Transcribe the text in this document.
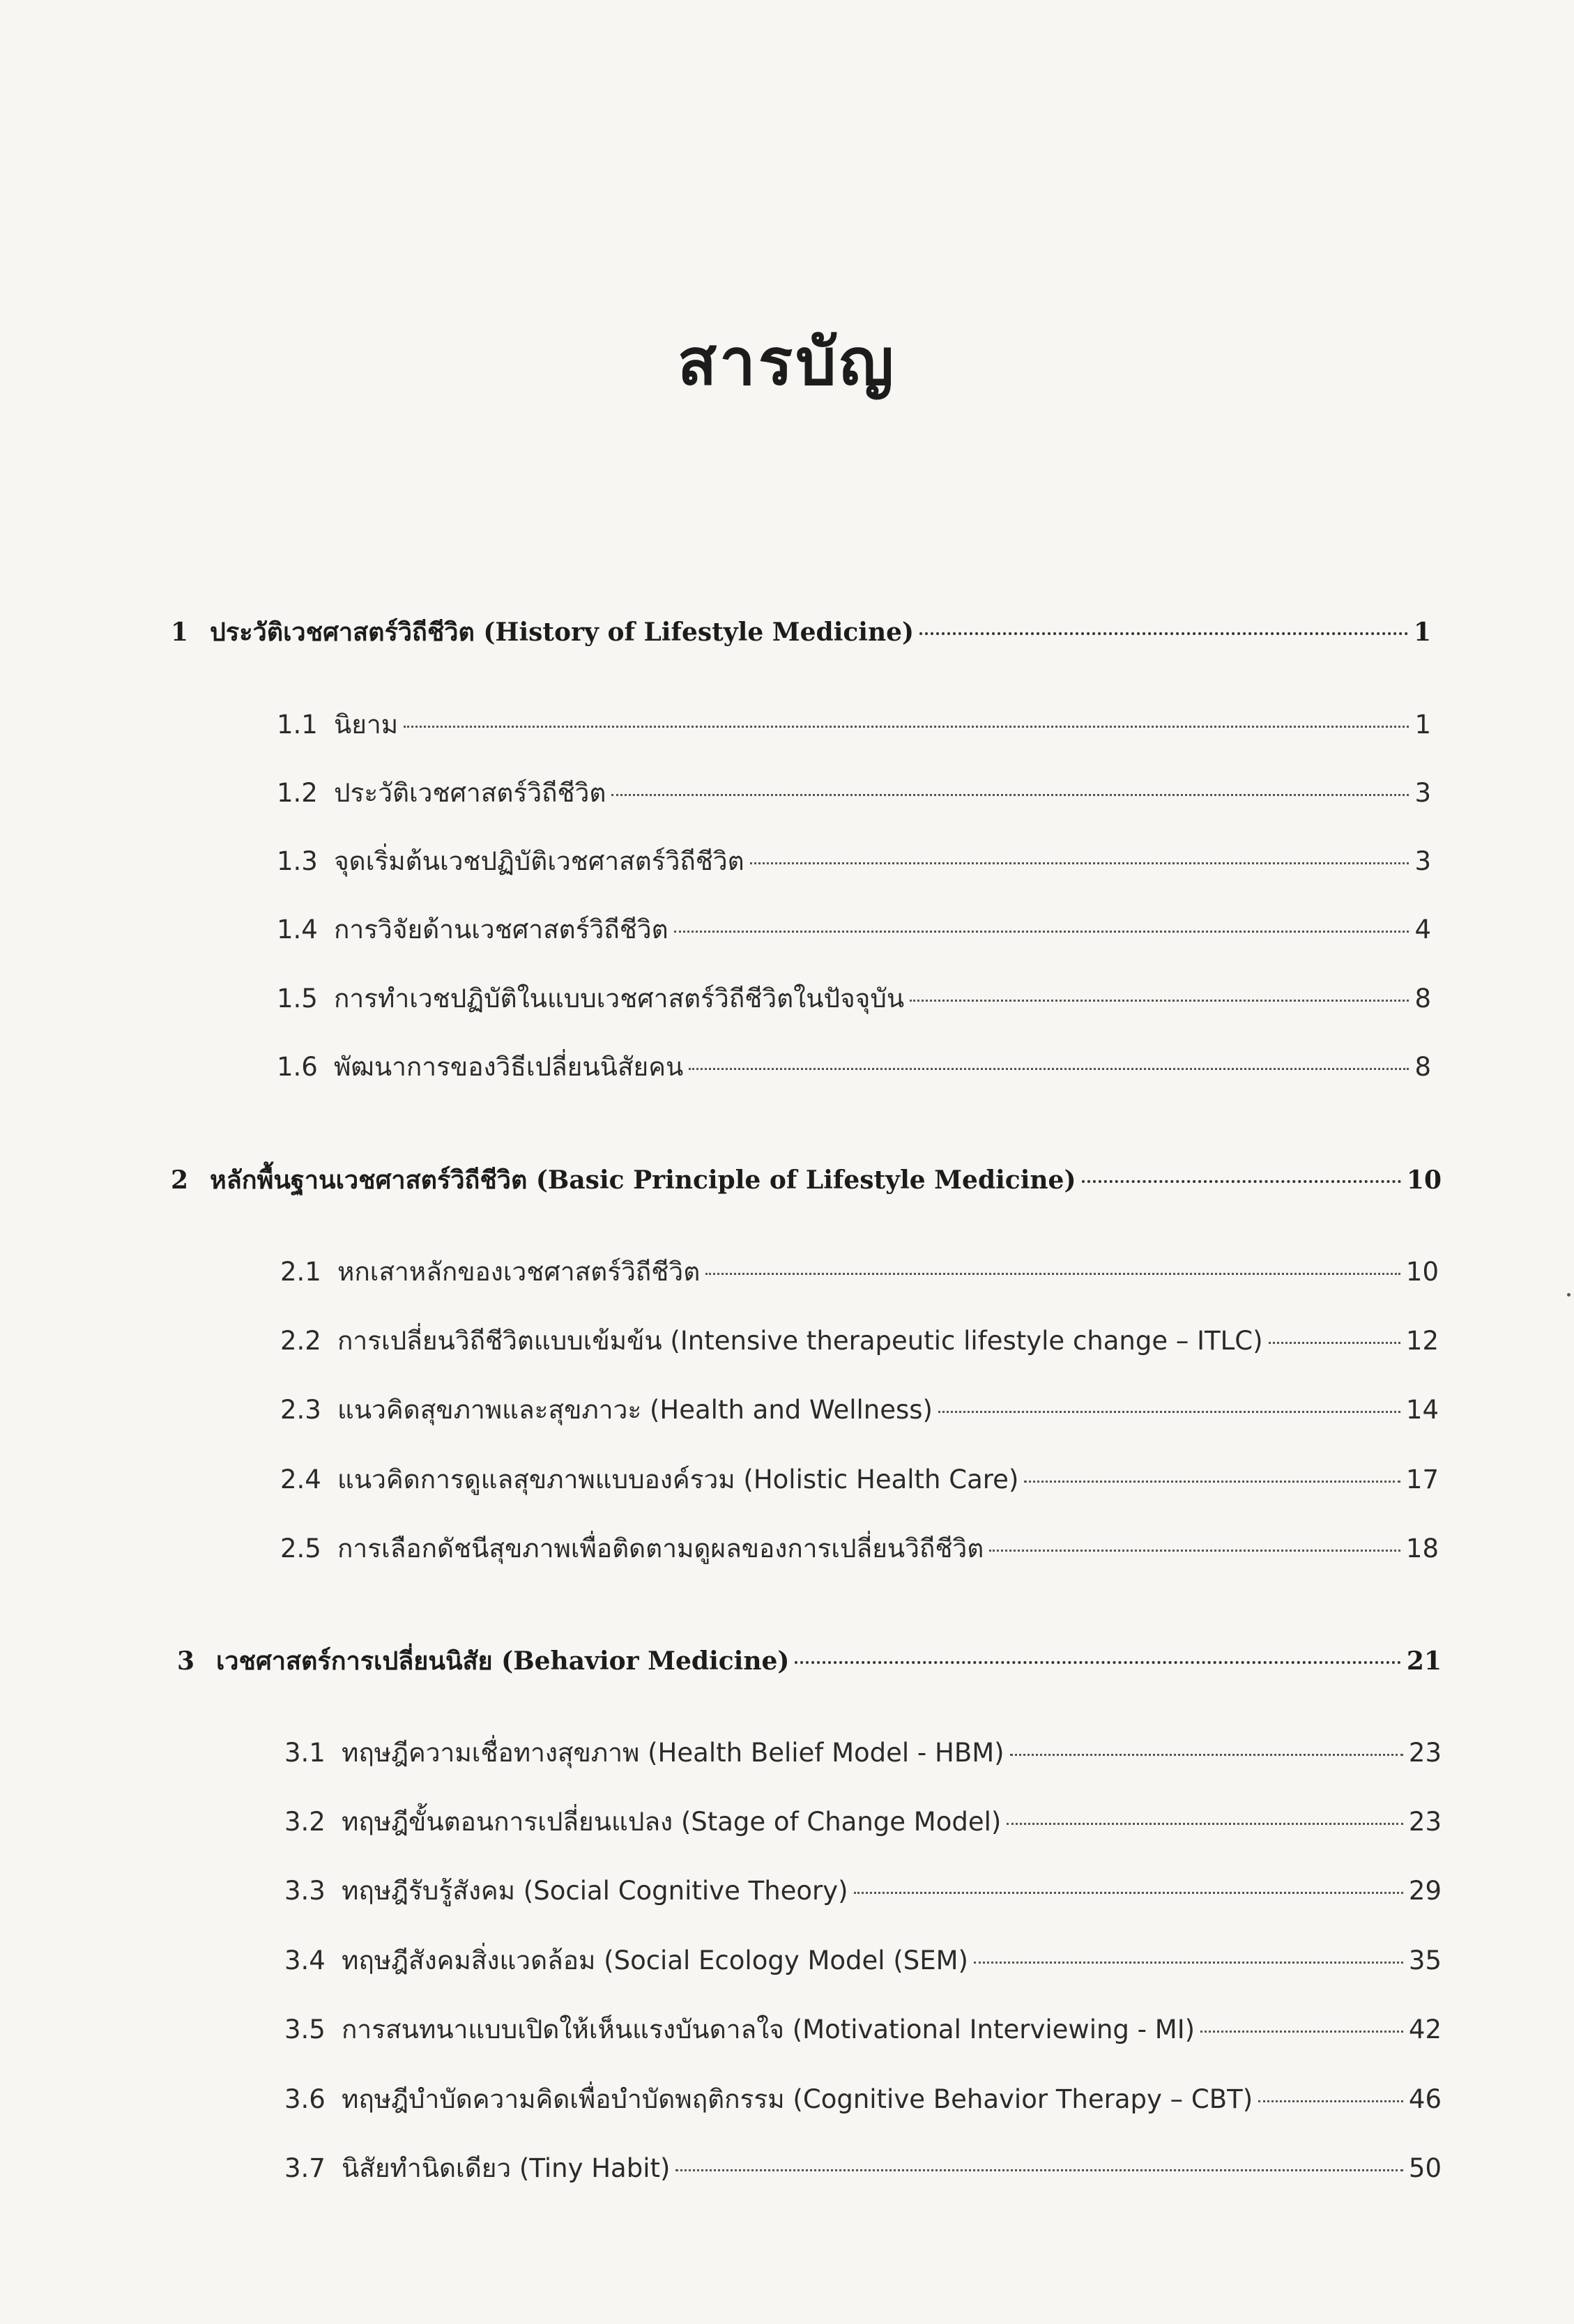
สารบัญ
1 ประวัติเวชศาสตร์วิถีชีวิต (History of Lifestyle Medicine)	1
1.1 นิยาม	1
1.2 ประวัติเวชศาสตร์วิถีชีวิต	3
1.3 จุดเริ่มต้นเวชปฏิบัติเวชศาสตร์วิถีชีวิต	3
1.4 การวิจัยด้านเวชศาสตร์วิถีชีวิต	4
1.5 การทำเวชปฏิบัติในแบบเวชศาสตร์วิถีชีวิตในปัจจุบัน	8
1.6 พัฒนาการของวิธีเปลี่ยนนิสัยคน	8
2 หลักพื้นฐานเวชศาสตร์วิถีชีวิต (Basic Principle of Lifestyle Medicine)	10
2.1 หกเสาหลักของเวชศาสตร์วิถีชีวิต	10
2.2 การเปลี่ยนวิถีชีวิตแบบเข้มข้น (Intensive therapeutic lifestyle change – ITLC)	12
2.3 แนวคิดสุขภาพและสุขภาวะ (Health and Wellness)	14
2.4 แนวคิดการดูแลสุขภาพแบบองค์รวม (Holistic Health Care)	17
2.5 การเลือกดัชนีสุขภาพเพื่อติดตามดูผลของการเปลี่ยนวิถีชีวิต	18
3 เวชศาสตร์การเปลี่ยนนิสัย (Behavior Medicine)	21
3.1 ทฤษฎีความเชื่อทางสุขภาพ (Health Belief Model - HBM)	23
3.2 ทฤษฎีขั้นตอนการเปลี่ยนแปลง (Stage of Change Model)	23
3.3 ทฤษฎีรับรู้สังคม (Social Cognitive Theory)	29
3.4 ทฤษฎีสังคมสิ่งแวดล้อม (Social Ecology Model (SEM)	35
3.5 การสนทนาแบบเปิดให้เห็นแรงบันดาลใจ (Motivational Interviewing - MI)	42
3.6 ทฤษฎีบำบัดความคิดเพื่อบำบัดพฤติกรรม (Cognitive Behavior Therapy – CBT)	46
3.7 นิสัยทำนิดเดียว (Tiny Habit)	50
